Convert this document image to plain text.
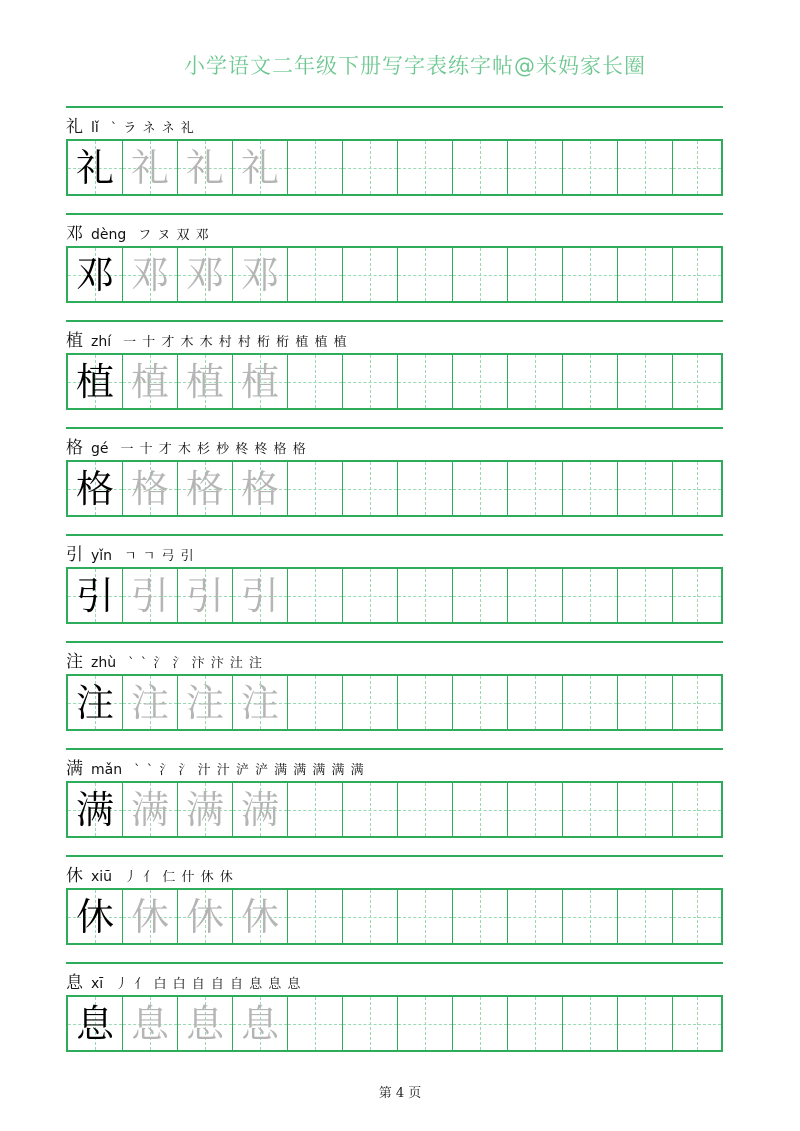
小学语文二年级下册写字表练字帖@米妈家长圈
礼 lǐ ` ラ ネ ネ 礼
礼 礼 礼 礼
邓 dèng フ ヌ 双 邓
邓 邓 邓 邓
植 zhí 一 十 才 木 木 村 村 桁 桁 植 植 植
植 植 植 植
格 gé 一 十 才 木 杉 杪 柊 柊 格 格
格 格 格 格
引 yǐn ㄱ ㄱ 弓 引
引 引 引 引
注 zhù ` ` 氵 氵 汴 汴 汢 注
注 注 注 注
满 mǎn ` ` 氵 氵 汁 汁 浐 浐 满 满 满 满 满
满 满 满 满
休 xiū 丿 亻 仁 什 休 休
休 休 休 休
息 xī 丿 亻 白 白 自 自 自 息 息 息
息 息 息 息
第 4 页
